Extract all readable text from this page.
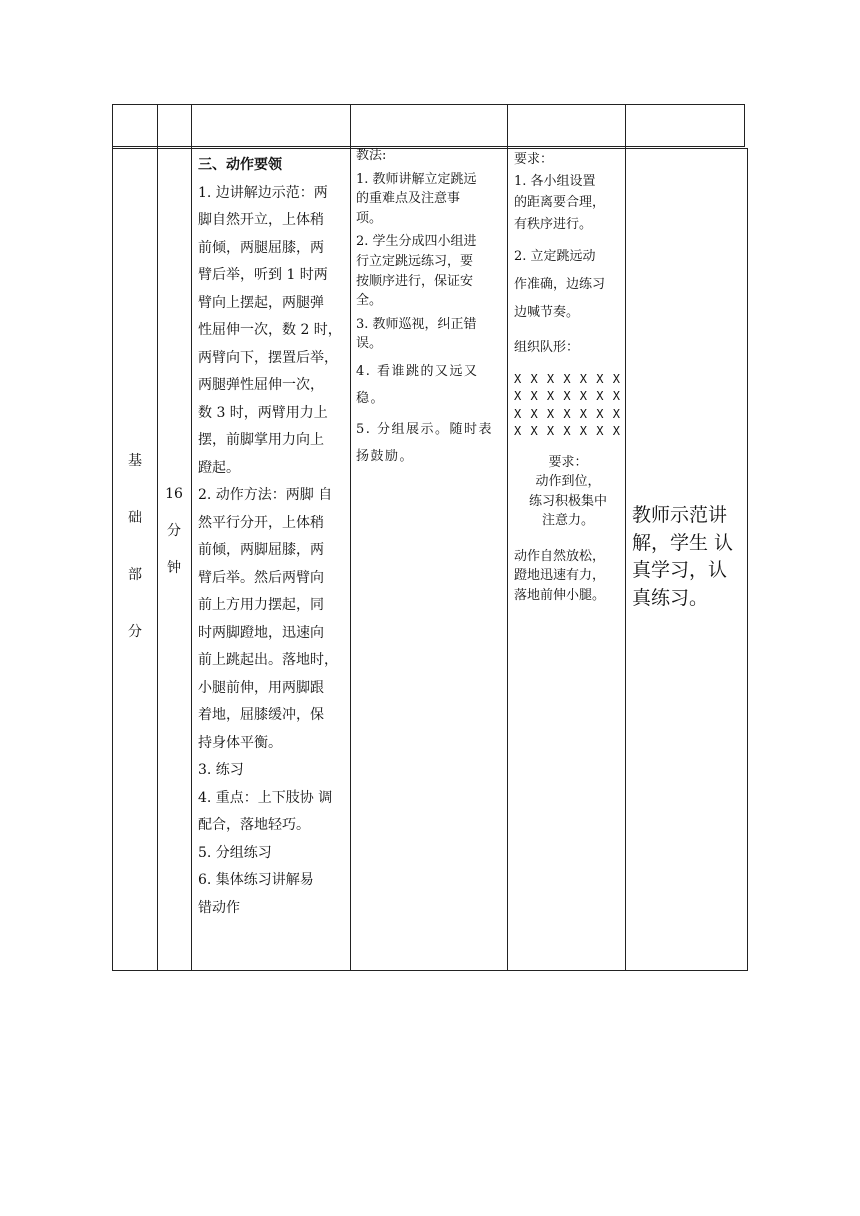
基
础
部
分
16
分
钟
三、动作要领
1. 边讲解边示范：两
脚自然开立，上体稍
前倾，两腿屈膝，两
臂后举，听到 1 时两
臂向上摆起，两腿弹
性屈伸一次，数 2 时，
两臂向下，摆置后举，
两腿弹性屈伸一次，
数 3 时，两臂用力上
摆，前脚掌用力向上
蹬起。
2. 动作方法：两脚 自
然平行分开，上体稍
前倾，两脚屈膝，两
臂后举。然后两臂向
前上方用力摆起，同
时两脚蹬地，迅速向
前上跳起出。落地时，
小腿前伸，用两脚跟
着地，屈膝缓冲，保
持身体平衡。
3. 练习
4. 重点：上下肢协 调
配合，落地轻巧。
5. 分组练习
6. 集体练习讲解易
错动作
教法:
1. 教师讲解立定跳远
的重难点及注意事
项。
2. 学生分成四小组进
行立定跳远练习，要
按顺序进行，保证安
全。
3. 教师巡视，纠正错
误。
4. 看谁跳的又远又
稳。
5. 分组展示。随时表
扬鼓励。
要求：
1. 各小组设置
的距离要合理，
有秩序进行。
2. 立定跳远动
作准确，边练习
边喊节奏。
组织队形：
X X X X X X X
X X X X X X X
X X X X X X X
X X X X X X X
要求：
动作到位，
练习积极集中
注意力。
动作自然放松，
蹬地迅速有力，
落地前伸小腿。
教师示范讲
解，学生 认
真学习，认
真练习。
